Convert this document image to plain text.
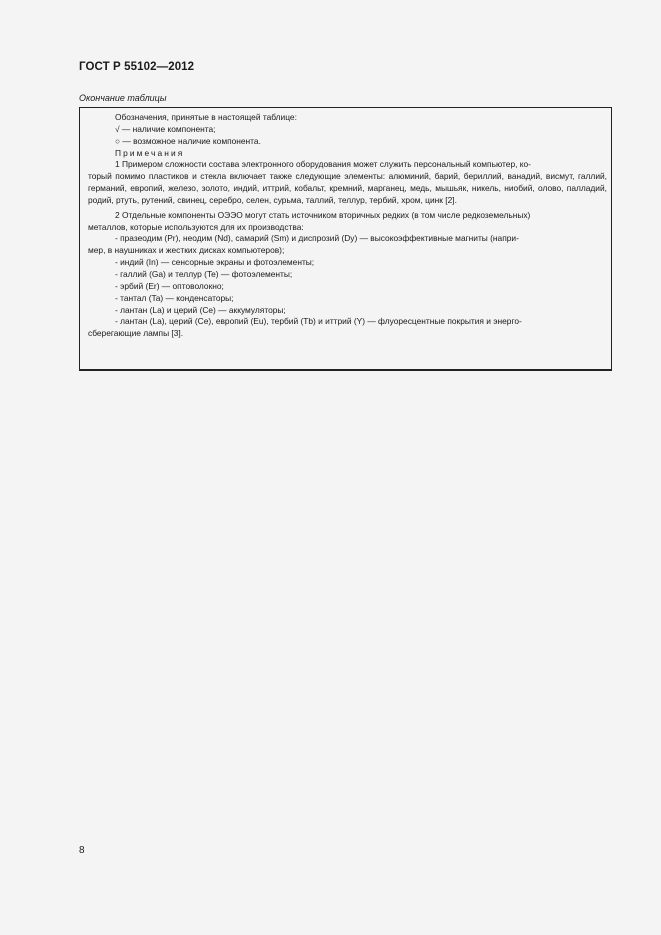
ГОСТ Р 55102—2012
Окончание таблицы

Обозначения, принятые в настоящей таблице:

√ — наличие компонента;

○ — возможное наличие компонента.

Примечания

1 Примером сложности состава электронного оборудования может служить персональный компьютер, ко-

торый помимо пластиков и стекла включает также следующие элементы: алюминий, барий, бериллий, ванадий, висмут, галлий, германий, европий, железо, золото, индий, иттрий, кобальт, кремний, марганец, медь, мышьяк, никель, ниобий, олово, палладий, родий, ртуть, рутений, свинец, серебро, селен, сурьма, таллий, теллур, тербий, хром, цинк [2].

2 Отдельные компоненты ОЭЭО могут стать источником вторичных редких (в том числе редкоземельных)

металлов, которые используются для их производства:

- празеодим (Pr), неодим (Nd), самарий (Sm) и диспрозий (Dy) — высокоэффективные магниты (напри-

мер, в наушниках и жестких дисках компьютеров);

- индий (In) — сенсорные экраны и фотоэлементы;

- галлий (Ga) и теллур (Te) — фотоэлементы;

- эрбий (Er) — оптоволокно;

- тантал (Ta) — конденсаторы;

- лантан (La) и церий (Ce) — аккумуляторы;

- лантан (La), церий (Ce), европий (Eu), тербий (Tb) и иттрий (Y) — флуоресцентные покрытия и энерго-

сберегающие лампы [3].

8
